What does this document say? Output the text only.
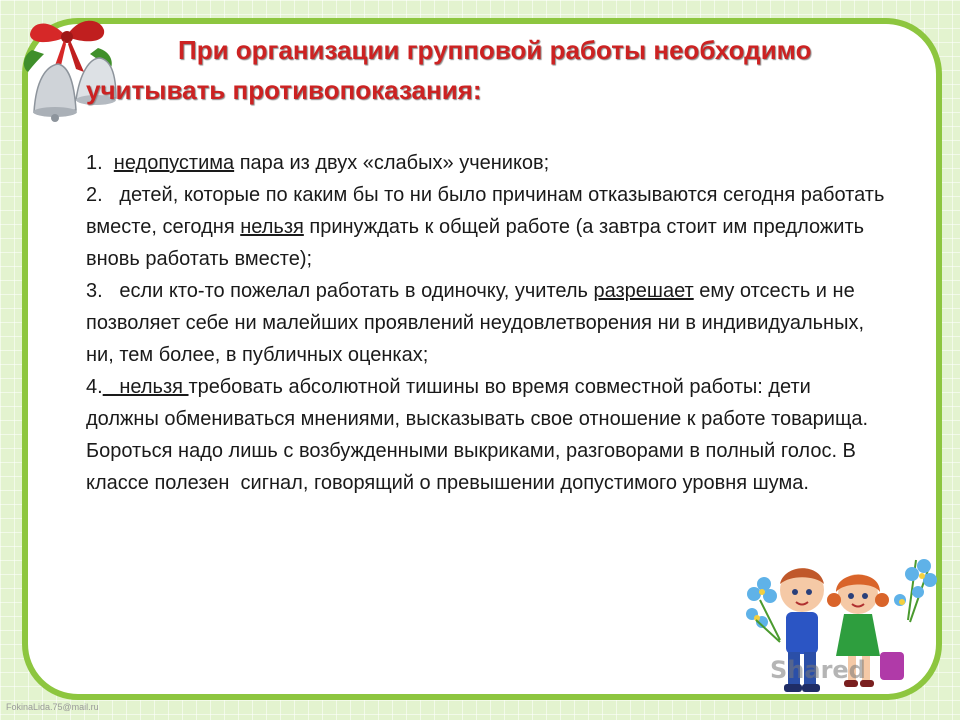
При организации групповой работы необходимо
учитывать противопоказания:

1.  недопустима пара из двух «слабых» учеников;

2.   детей, которые по каким бы то ни было причинам отказываются сегодня работать вместе, сегодня нельзя принуждать к общей работе (а завтра стоит им предложить вновь работать вместе);

3.   если кто-то пожелал работать в одиночку, учитель разрешает ему отсесть и не позволяет себе ни малейших проявлений неудовлетворения ни в индивидуальных, ни, тем более, в публичных оценках;

4.   нельзя требовать абсолютной тишины во время совместной работы: дети должны обмениваться мнениями, высказывать свое отношение к работе товарища. Бороться надо лишь с возбужденными выкриками, разговорами в полный голос. В классе полезен  сигнал, говорящий о превышении допустимого уровня шума.

Shared
FokinaLida.75@mail.ru
